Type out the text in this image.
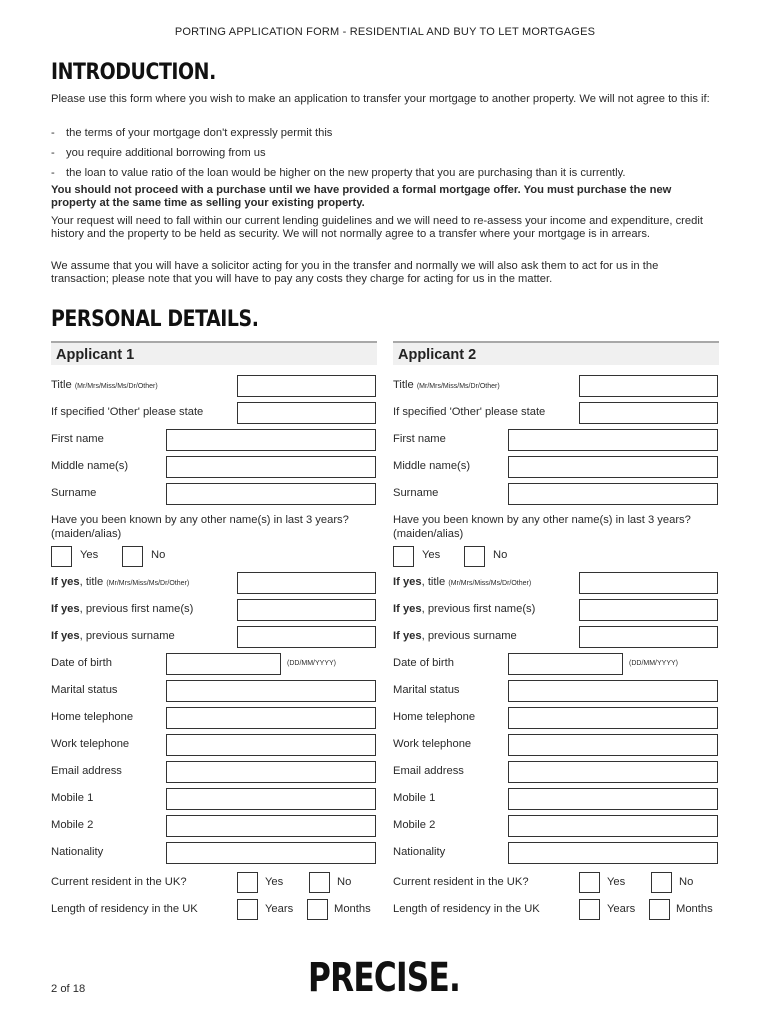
PORTING APPLICATION FORM - RESIDENTIAL AND BUY TO LET MORTGAGES
INTRODUCTION.
Please use this form where you wish to make an application to transfer your mortgage to another property. We will not agree to this if:
- the terms of your mortgage don't expressly permit this
- you require additional borrowing from us
- the loan to value ratio of the loan would be higher on the new property that you are purchasing than it is currently.
You should not proceed with a purchase until we have provided a formal mortgage offer. You must purchase the new property at the same time as selling your existing property.
Your request will need to fall within our current lending guidelines and we will need to re-assess your income and expenditure, credit history and the property to be held as security. We will not normally agree to a transfer where your mortgage is in arrears.
We assume that you will have a solicitor acting for you in the transfer and normally we will also ask them to act for us in the transaction; please note that you will have to pay any costs they charge for acting for us in the matter.
PERSONAL DETAILS.
Applicant 1
Title (Mr/Mrs/Miss/Ms/Dr/Other)
If specified 'Other' please state
First name
Middle name(s)
Surname
Have you been known by any other name(s) in last 3 years? (maiden/alias)
Yes	No
If yes, title (Mr/Mrs/Miss/Ms/Dr/Other)
If yes, previous first name(s)
If yes, previous surname
Date of birth	(DD/MM/YYYY)
Marital status
Home telephone
Work telephone
Email address
Mobile 1
Mobile 2
Nationality
Current resident in the UK?	Yes	No
Length of residency in the UK	Years	Months
Applicant 2
Title (Mr/Mrs/Miss/Ms/Dr/Other)
If specified 'Other' please state
First name
Middle name(s)
Surname
Have you been known by any other name(s) in last 3 years? (maiden/alias)
Yes	No
If yes, title (Mr/Mrs/Miss/Ms/Dr/Other)
If yes, previous first name(s)
If yes, previous surname
Date of birth	(DD/MM/YYYY)
Marital status
Home telephone
Work telephone
Email address
Mobile 1
Mobile 2
Nationality
Current resident in the UK?	Yes	No
Length of residency in the UK	Years	Months
2 of 18	PRECISE.
